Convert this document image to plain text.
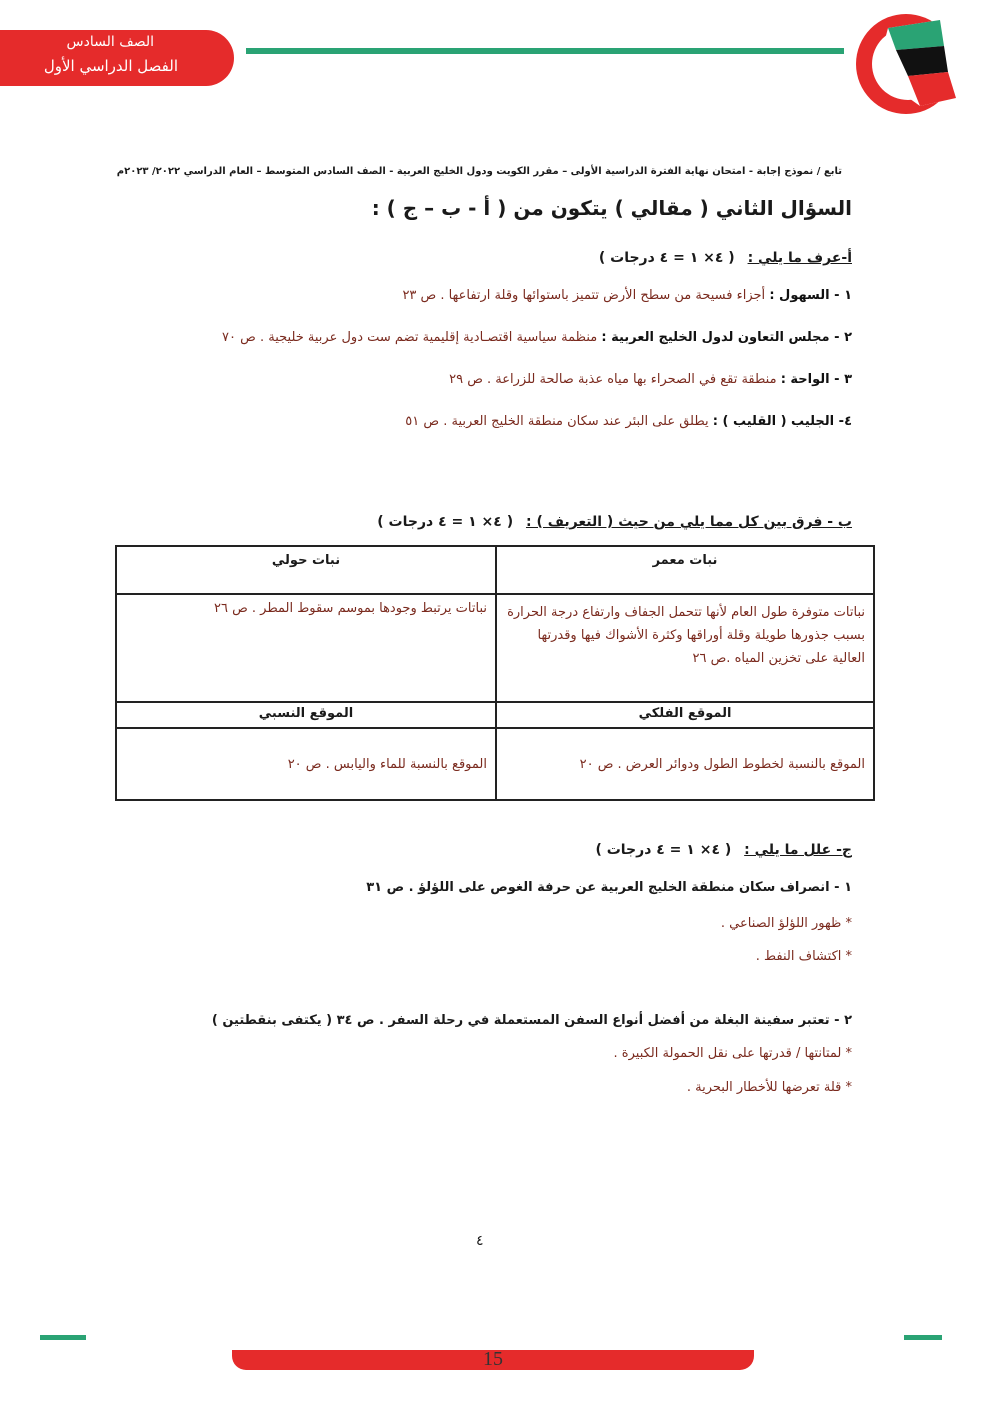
الصف السادس
الفصل الدراسي الأول
تابع / نموذج إجابة - امتحان نهاية الفترة الدراسية الأولى – مقرر الكويت ودول الخليج العربية - الصف السادس المتوسط – العام الدراسي ٢٠٢٢/ ٢٠٢٣م
السؤال الثاني ( مقالي ) يتكون من ( أ - ب – ج ) :
أ-عرف ما يلي : ( ٤× ١ = ٤ درجات )
١ - السهول : أجزاء فسيحة من سطح الأرض تتميز باستوائها وقلة ارتفاعها . ص ٢٣
٢ - مجلس التعاون لدول الخليج العربية : منظمة سياسية اقتصـادية إقليمية تضم ست دول عربية خليجية . ص ٧٠
٣ - الواحة : منطقة تقع في الصحراء بها مياه عذبة صالحة للزراعة . ص ٢٩
٤- الجليب ( القليب ) : يطلق على البئر عند سكان منطقة الخليج العربية . ص ٥١
ب - فرق بين كل مما يلي من حيث ( التعريف ) : ( ٤× ١ = ٤ درجات )
نبات معمر	نبات حولي
نباتات متوفرة طول العام لأنها تتحمل الجفاف وارتفاع درجة الحرارة بسبب جذورها طويلة وقلة أوراقها وكثرة الأشواك فيها وقدرتها العالية على تخزين المياه .ص ٢٦	نباتات يرتبط وجودها بموسم سقوط المطر . ص ٢٦
الموقع الفلكي	الموقع النسبي
الموقع بالنسبة لخطوط الطول ودوائر العرض . ص ٢٠	الموقع بالنسبة للماء واليابس . ص ٢٠
ج- علل ما يلي : ( ٤× ١ = ٤ درجات )
١ - انصراف سكان منطقة الخليج العربية عن حرفة الغوص على اللؤلؤ . ص ٣١
* ظهور اللؤلؤ الصناعي .
* اكتشاف النفط .
٢ - تعتبر سفينة البغلة من أفضل أنواع السفن المستعملة في رحلة السفر . ص ٣٤ ( يكتفى بنقطتين )
* لمتانتها / قدرتها على نقل الحمولة الكبيرة .
* قلة تعرضها للأخطار البحرية .
٤
15
